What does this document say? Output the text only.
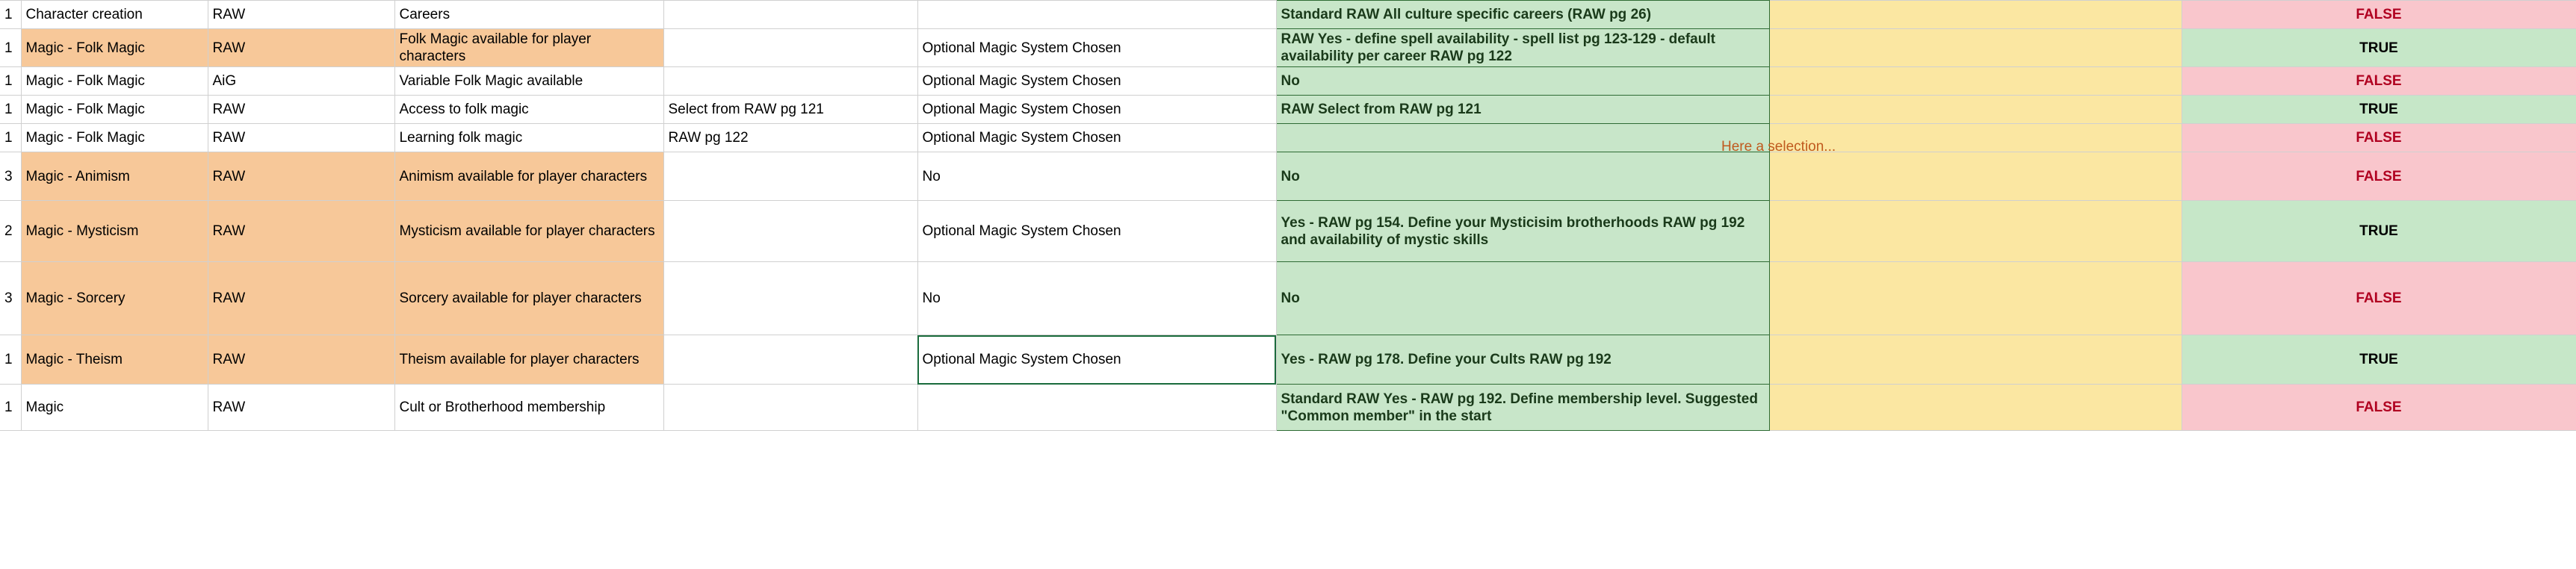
1	Character creation	RAW	Careers			Standard RAW All culture specific careers (RAW pg 26)		FALSE
1	Magic - Folk Magic	RAW	Folk Magic available for player characters		Optional Magic System Chosen	RAW Yes - define spell availability - spell list pg 123-129 - default availability per career RAW pg 122		TRUE
1	Magic - Folk Magic	AiG	Variable Folk Magic available		Optional Magic System Chosen	No		FALSE
1	Magic - Folk Magic	RAW	Access to folk magic	Select from RAW pg 121	Optional Magic System Chosen	RAW Select from RAW pg 121		TRUE
1	Magic - Folk Magic	RAW	Learning folk magic	RAW pg 122	Optional Magic System Chosen			FALSE
3	Magic - Animism	RAW	Animism available for player characters		No	No		FALSE
2	Magic - Mysticism	RAW	Mysticism available for player characters		Optional Magic System Chosen	Yes - RAW pg 154. Define your Mysticisim brotherhoods RAW pg 192 and availability of mystic skills		TRUE
3	Magic - Sorcery	RAW	Sorcery available for player characters		No	No		FALSE
1	Magic - Theism	RAW	Theism available for player characters		Optional Magic System Chosen	Yes - RAW pg 178. Define your Cults RAW pg 192		TRUE
1	Magic	RAW	Cult or Brotherhood membership			Standard RAW Yes - RAW pg 192. Define membership level. Suggested "Common member" in the start		FALSE
Here a selection...
